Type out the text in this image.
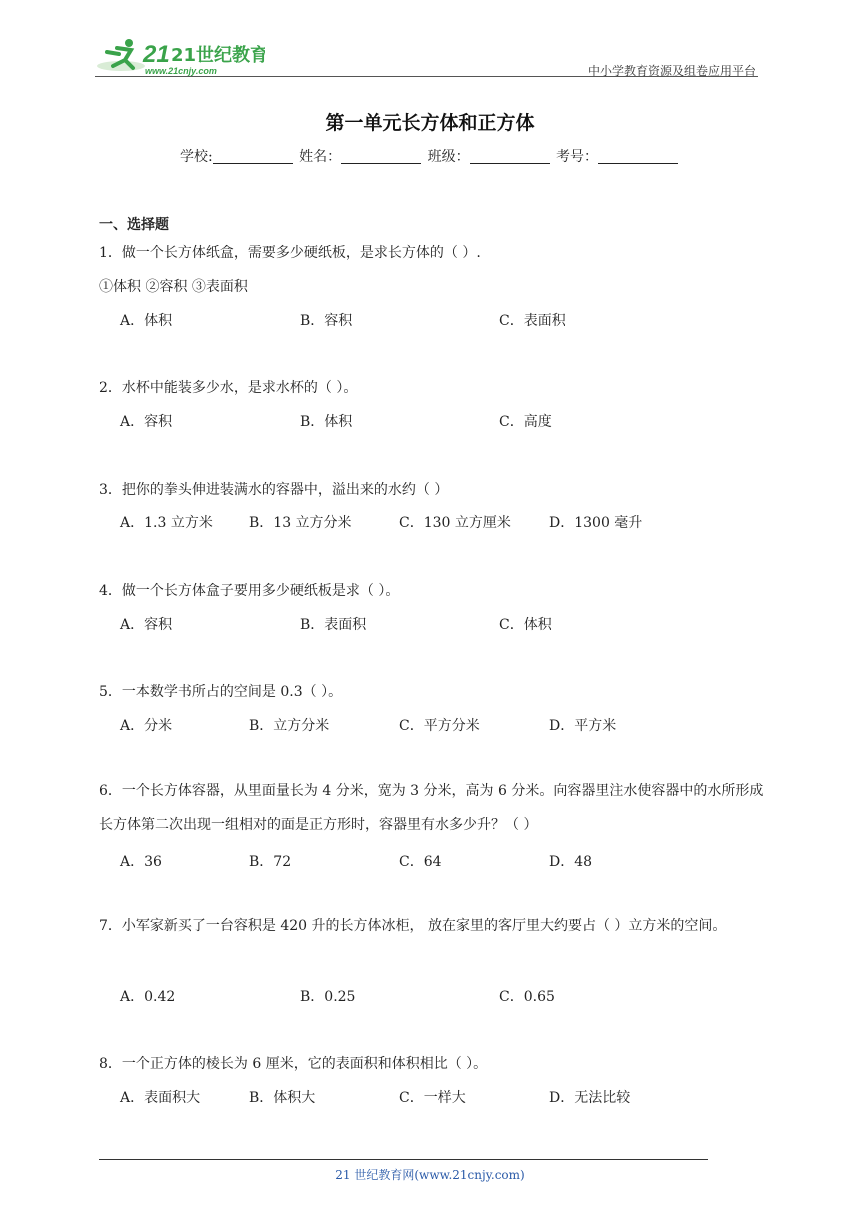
21 21世纪教育
www.21cnjy.com	中小学教育资源及组卷应用平台
第一单元长方体和正方体
学校:	姓名：	班级：	考号：
一、选择题
1．做一个长方体纸盒，需要多少硬纸板，是求长方体的（ ）.
①体积 ②容积 ③表面积
A．体积	B．容积	C．表面积
2．水杯中能装多少水，是求水杯的（ ）。
A．容积	B．体积	C．高度
3．把你的拳头伸进装满水的容器中，溢出来的水约（ ）
A．1.3 立方米	B．13 立方分米	C．130 立方厘米	D．1300 毫升
4．做一个长方体盒子要用多少硬纸板是求（ ）。
A．容积	B．表面积	C．体积
5．一本数学书所占的空间是 0.3（ ）。
A．分米	B．立方分米	C．平方分米	D．平方米
6．一个长方体容器，从里面量长为 4 分米，宽为 3 分米，高为 6 分米。向容器里注水使容器中的水所形成长方体第二次出现一组相对的面是正方形时，容器里有水多少升？（ ）
A．36	B．72	C．64	D．48
7．小军家新买了一台容积是 420 升的长方体冰柜， 放在家里的客厅里大约要占（ ）立方米的空间。
A．0.42	B．0.25	C．0.65
8．一个正方体的棱长为 6 厘米，它的表面积和体积相比（ ）。
A．表面积大	B．体积大	C．一样大	D．无法比较
21 世纪教育网(www.21cnjy.com)
